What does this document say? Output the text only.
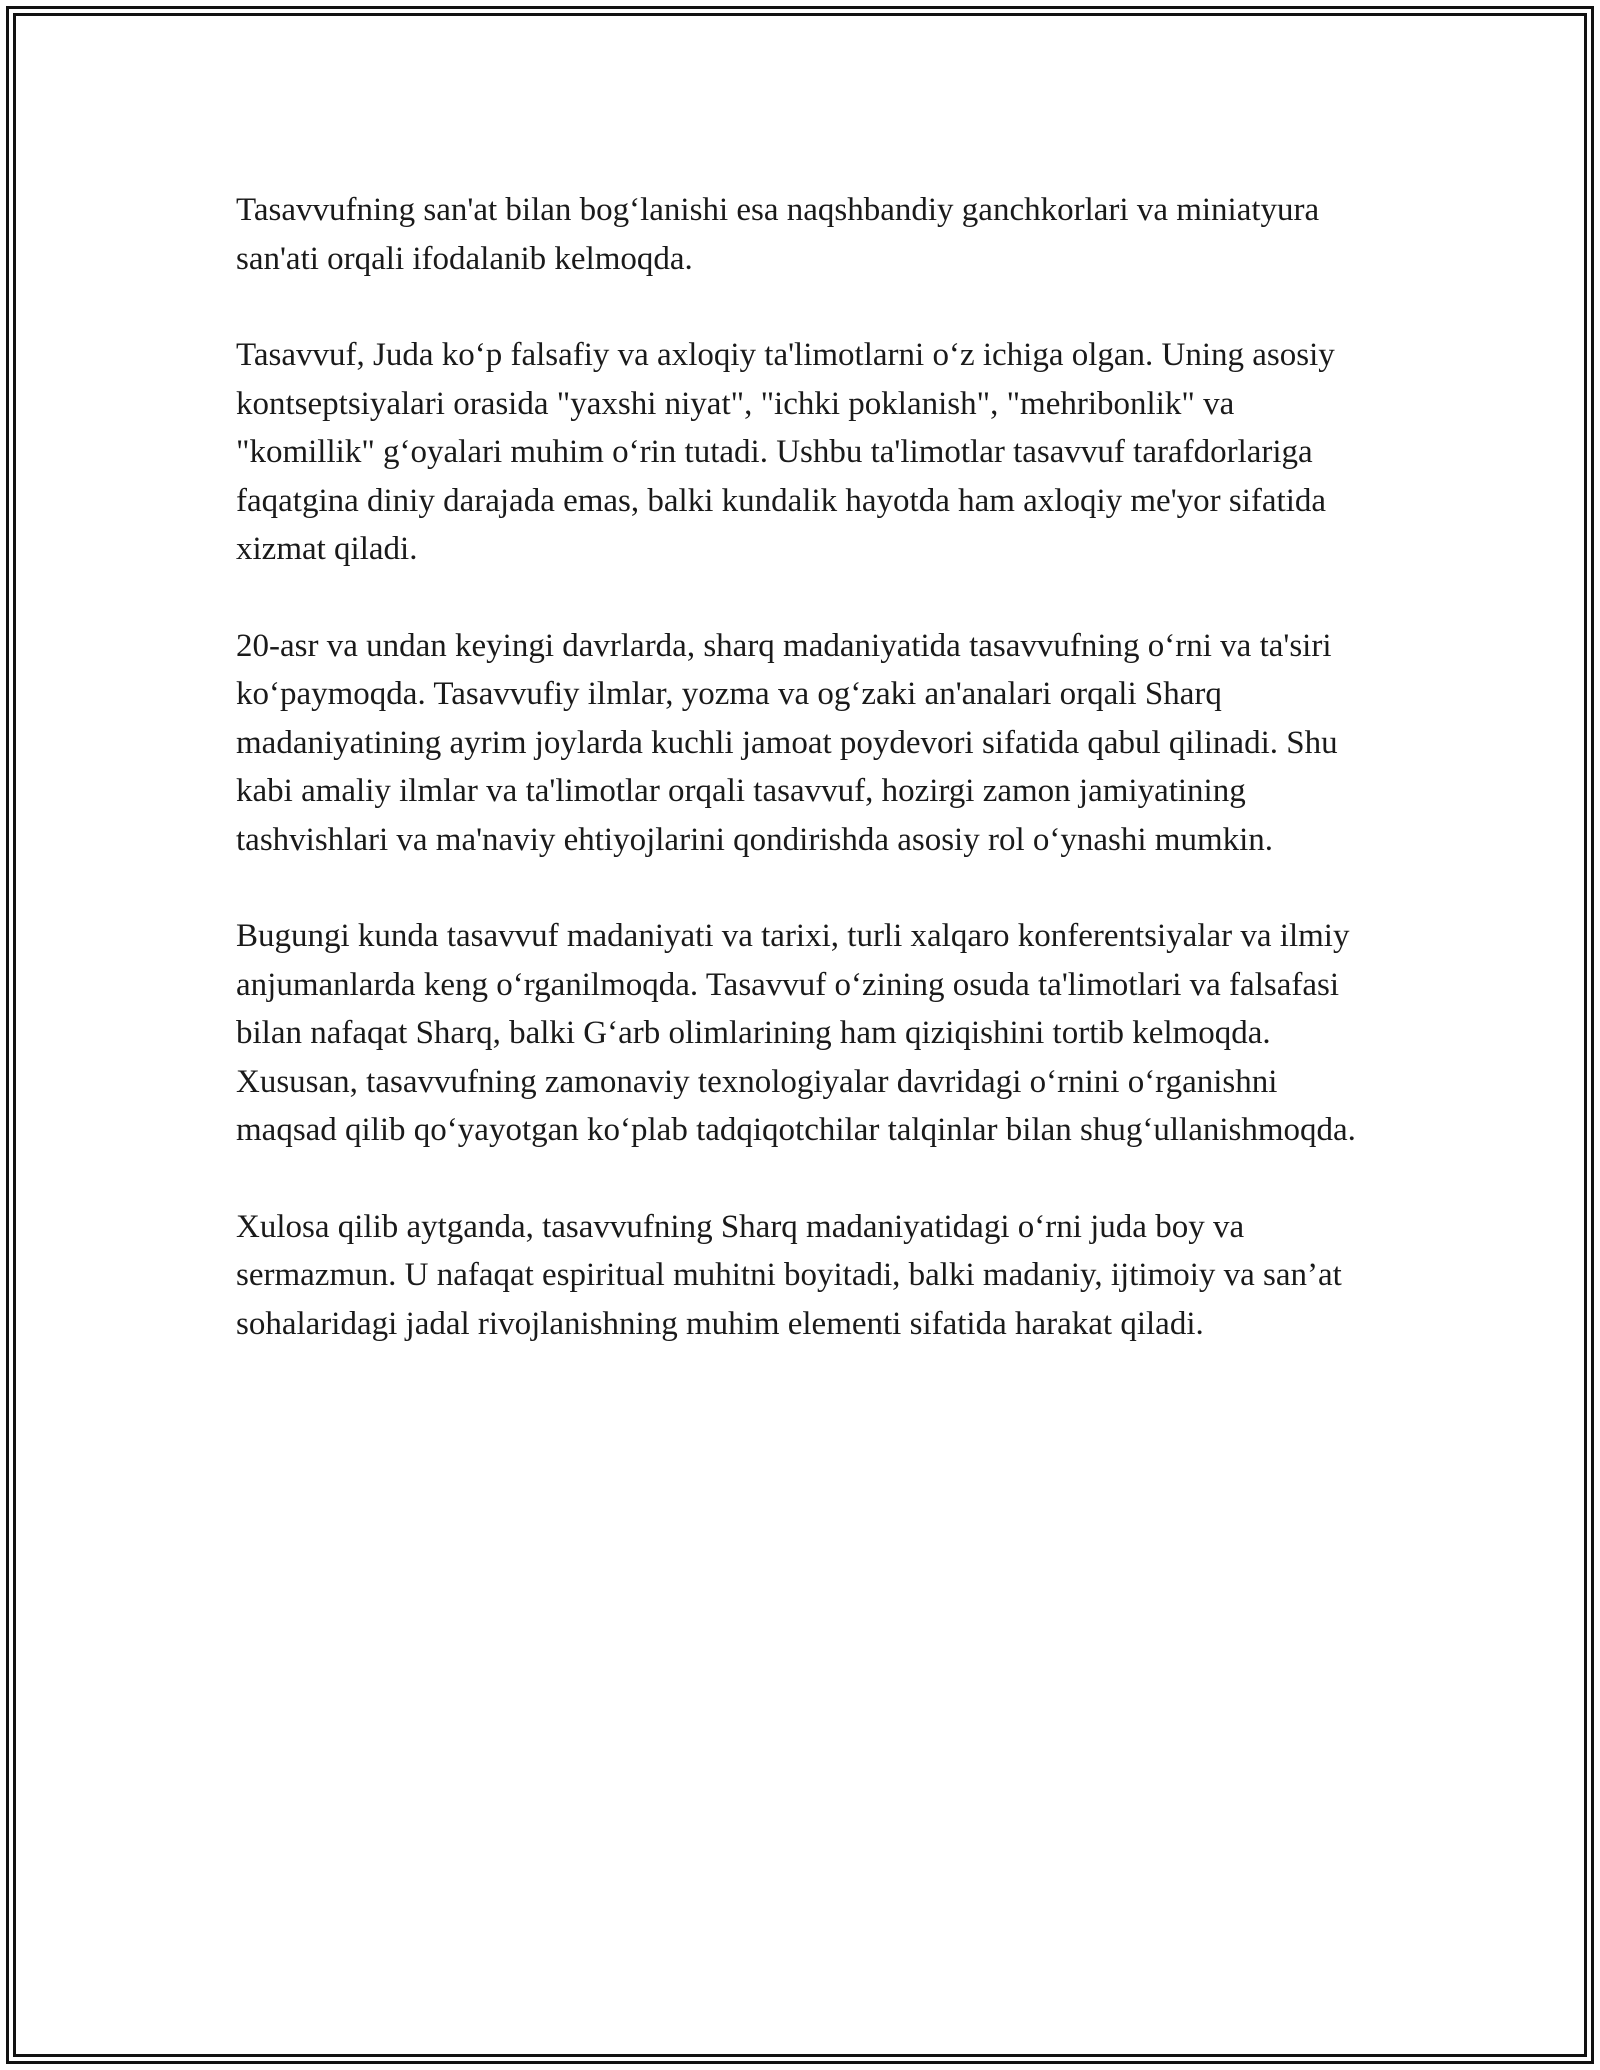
Tasavvufning san'at bilan bog‘lanishi esa naqshbandiy ganchkorlari va miniatyura san'ati orqali ifodalanib kelmoqda.

Tasavvuf, Juda ko‘p falsafiy va axloqiy ta'limotlarni o‘z ichiga olgan. Uning asosiy kontseptsiyalari orasida "yaxshi niyat", "ichki poklanish", "mehribonlik" va "komillik" g‘oyalari muhim o‘rin tutadi. Ushbu ta'limotlar tasavvuf tarafdorlariga faqatgina diniy darajada emas, balki kundalik hayotda ham axloqiy me'yor sifatida xizmat qiladi.

20-asr va undan keyingi davrlarda, sharq madaniyatida tasavvufning o‘rni va ta'siri ko‘paymoqda. Tasavvufiy ilmlar, yozma va og‘zaki an'analari orqali Sharq madaniyatining ayrim joylarda kuchli jamoat poydevori sifatida qabul qilinadi. Shu kabi amaliy ilmlar va ta'limotlar orqali tasavvuf, hozirgi zamon jamiyatining tashvishlari va ma'naviy ehtiyojlarini qondirishda asosiy rol o‘ynashi mumkin.

Bugungi kunda tasavvuf madaniyati va tarixi, turli xalqaro konferentsiyalar va ilmiy anjumanlarda keng o‘rganilmoqda. Tasavvuf o‘zining osuda ta'limotlari va falsafasi bilan nafaqat Sharq, balki G‘arb olimlarining ham qiziqishini tortib kelmoqda. Xususan, tasavvufning zamonaviy texnologiyalar davridagi o‘rnini o‘rganishni maqsad qilib qo‘yayotgan ko‘plab tadqiqotchilar talqinlar bilan shug‘ullanishmoqda.

Xulosa qilib aytganda, tasavvufning Sharq madaniyatidagi o‘rni juda boy va sermazmun. U nafaqat espiritual muhitni boyitadi, balki madaniy, ijtimoiy va san’at sohalaridagi jadal rivojlanishning muhim elementi sifatida harakat qiladi.
